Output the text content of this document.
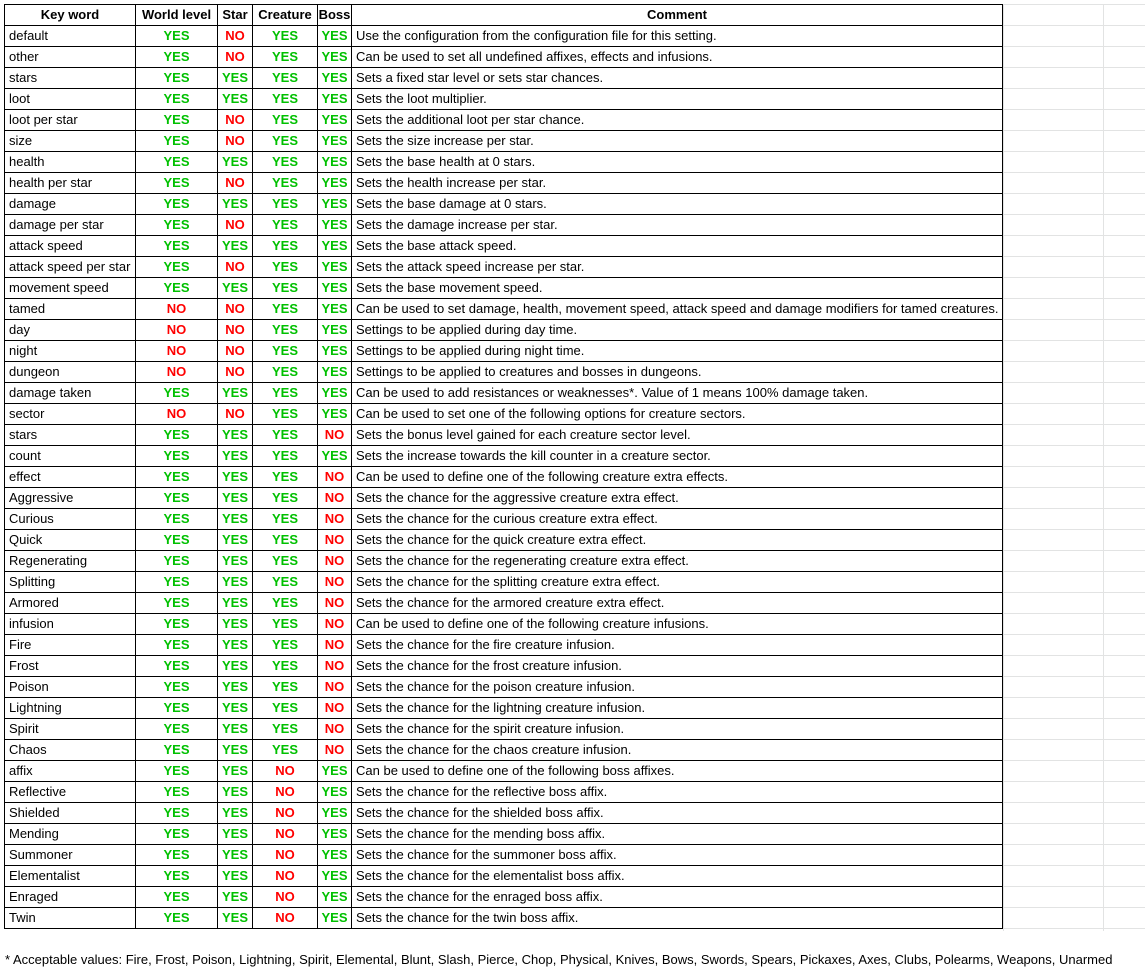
Key word	World level	Star	Creature	Boss	Comment
default	YES	NO	YES	YES	Use the configuration from the configuration file for this setting.
other	YES	NO	YES	YES	Can be used to set all undefined affixes, effects and infusions.
stars	YES	YES	YES	YES	Sets a fixed star level or sets star chances.
loot	YES	YES	YES	YES	Sets the loot multiplier.
loot per star	YES	NO	YES	YES	Sets the additional loot per star chance.
size	YES	NO	YES	YES	Sets the size increase per star.
health	YES	YES	YES	YES	Sets the base health at 0 stars.
health per star	YES	NO	YES	YES	Sets the health increase per star.
damage	YES	YES	YES	YES	Sets the base damage at 0 stars.
damage per star	YES	NO	YES	YES	Sets the damage increase per star.
attack speed	YES	YES	YES	YES	Sets the base attack speed.
attack speed per star	YES	NO	YES	YES	Sets the attack speed increase per star.
movement speed	YES	YES	YES	YES	Sets the base movement speed.
tamed	NO	NO	YES	YES	Can be used to set damage, health, movement speed, attack speed and damage modifiers for tamed creatures.
day	NO	NO	YES	YES	Settings to be applied during day time.
night	NO	NO	YES	YES	Settings to be applied during night time.
dungeon	NO	NO	YES	YES	Settings to be applied to creatures and bosses in dungeons.
damage taken	YES	YES	YES	YES	Can be used to add resistances or weaknesses*. Value of 1 means 100% damage taken.
sector	NO	NO	YES	YES	Can be used to set one of the following options for creature sectors.
stars	YES	YES	YES	NO	Sets the bonus level gained for each creature sector level.
count	YES	YES	YES	YES	Sets the increase towards the kill counter in a creature sector.
effect	YES	YES	YES	NO	Can be used to define one of the following creature extra effects.
Aggressive	YES	YES	YES	NO	Sets the chance for the aggressive creature extra effect.
Curious	YES	YES	YES	NO	Sets the chance for the curious creature extra effect.
Quick	YES	YES	YES	NO	Sets the chance for the quick creature extra effect.
Regenerating	YES	YES	YES	NO	Sets the chance for the regenerating creature extra effect.
Splitting	YES	YES	YES	NO	Sets the chance for the splitting creature extra effect.
Armored	YES	YES	YES	NO	Sets the chance for the armored creature extra effect.
infusion	YES	YES	YES	NO	Can be used to define one of the following creature infusions.
Fire	YES	YES	YES	NO	Sets the chance for the fire creature infusion.
Frost	YES	YES	YES	NO	Sets the chance for the frost creature infusion.
Poison	YES	YES	YES	NO	Sets the chance for the poison creature infusion.
Lightning	YES	YES	YES	NO	Sets the chance for the lightning creature infusion.
Spirit	YES	YES	YES	NO	Sets the chance for the spirit creature infusion.
Chaos	YES	YES	YES	NO	Sets the chance for the chaos creature infusion.
affix	YES	YES	NO	YES	Can be used to define one of the following boss affixes.
Reflective	YES	YES	NO	YES	Sets the chance for the reflective boss affix.
Shielded	YES	YES	NO	YES	Sets the chance for the shielded boss affix.
Mending	YES	YES	NO	YES	Sets the chance for the mending boss affix.
Summoner	YES	YES	NO	YES	Sets the chance for the summoner boss affix.
Elementalist	YES	YES	NO	YES	Sets the chance for the elementalist boss affix.
Enraged	YES	YES	NO	YES	Sets the chance for the enraged boss affix.
Twin	YES	YES	NO	YES	Sets the chance for the twin boss affix.
* Acceptable values: Fire, Frost, Poison, Lightning, Spirit, Elemental, Blunt, Slash, Pierce, Chop, Physical, Knives, Bows, Swords, Spears, Pickaxes, Axes, Clubs, Polearms, Weapons, Unarmed
